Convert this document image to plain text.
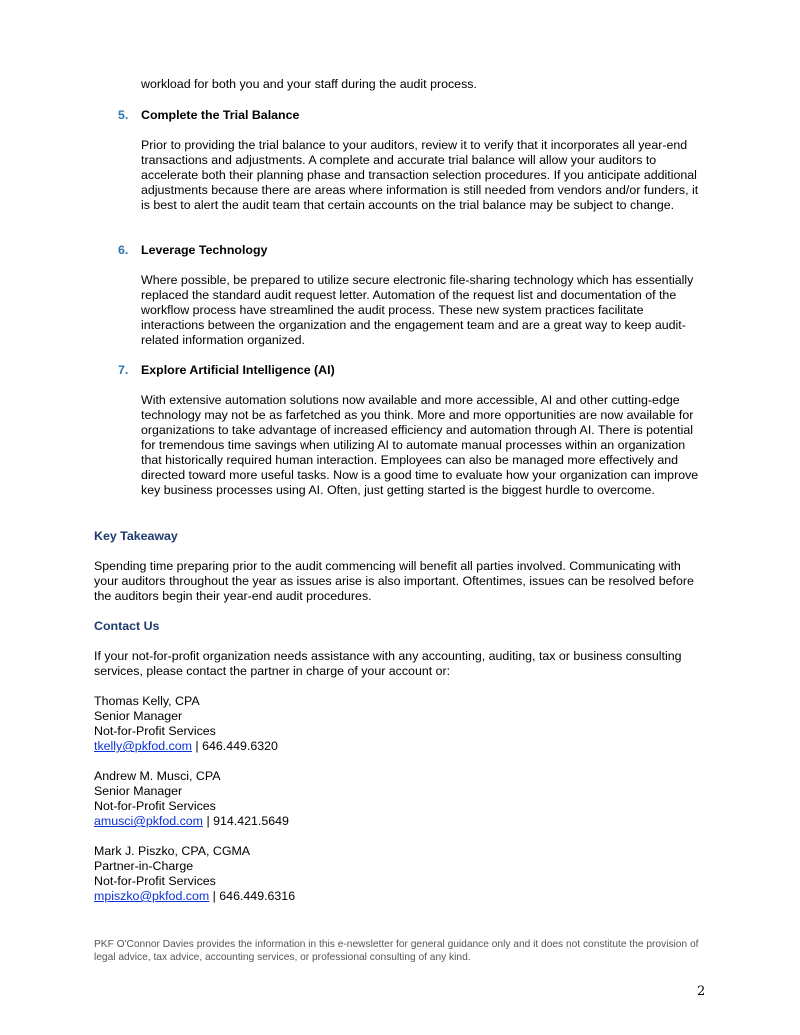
workload for both you and your staff during the audit process.

5. Complete the Trial Balance

Prior to providing the trial balance to your auditors, review it to verify that it incorporates all year-end transactions and adjustments. A complete and accurate trial balance will allow your auditors to accelerate both their planning phase and transaction selection procedures. If you anticipate additional adjustments because there are areas where information is still needed from vendors and/or funders, it is best to alert the audit team that certain accounts on the trial balance may be subject to change.

6. Leverage Technology

Where possible, be prepared to utilize secure electronic file-sharing technology which has essentially replaced the standard audit request letter. Automation of the request list and documentation of the workflow process have streamlined the audit process. These new system practices facilitate interactions between the organization and the engagement team and are a great way to keep audit-related information organized.

7. Explore Artificial Intelligence (AI)

With extensive automation solutions now available and more accessible, AI and other cutting-edge technology may not be as farfetched as you think. More and more opportunities are now available for organizations to take advantage of increased efficiency and automation through AI. There is potential for tremendous time savings when utilizing AI to automate manual processes within an organization that historically required human interaction. Employees can also be managed more effectively and directed toward more useful tasks. Now is a good time to evaluate how your organization can improve key business processes using AI. Often, just getting started is the biggest hurdle to overcome.

Key Takeaway

Spending time preparing prior to the audit commencing will benefit all parties involved. Communicating with your auditors throughout the year as issues arise is also important. Oftentimes, issues can be resolved before the auditors begin their year-end audit procedures.

Contact Us

If your not-for-profit organization needs assistance with any accounting, auditing, tax or business consulting services, please contact the partner in charge of your account or:

Thomas Kelly, CPA
Senior Manager
Not-for-Profit Services
tkelly@pkfod.com | 646.449.6320
Andrew M. Musci, CPA
Senior Manager
Not-for-Profit Services
amusci@pkfod.com | 914.421.5649
Mark J. Piszko, CPA, CGMA
Partner-in-Charge
Not-for-Profit Services
mpiszko@pkfod.com | 646.449.6316

PKF O'Connor Davies provides the information in this e-newsletter for general guidance only and it does not constitute the provision of legal advice, tax advice, accounting services, or professional consulting of any kind.

2
